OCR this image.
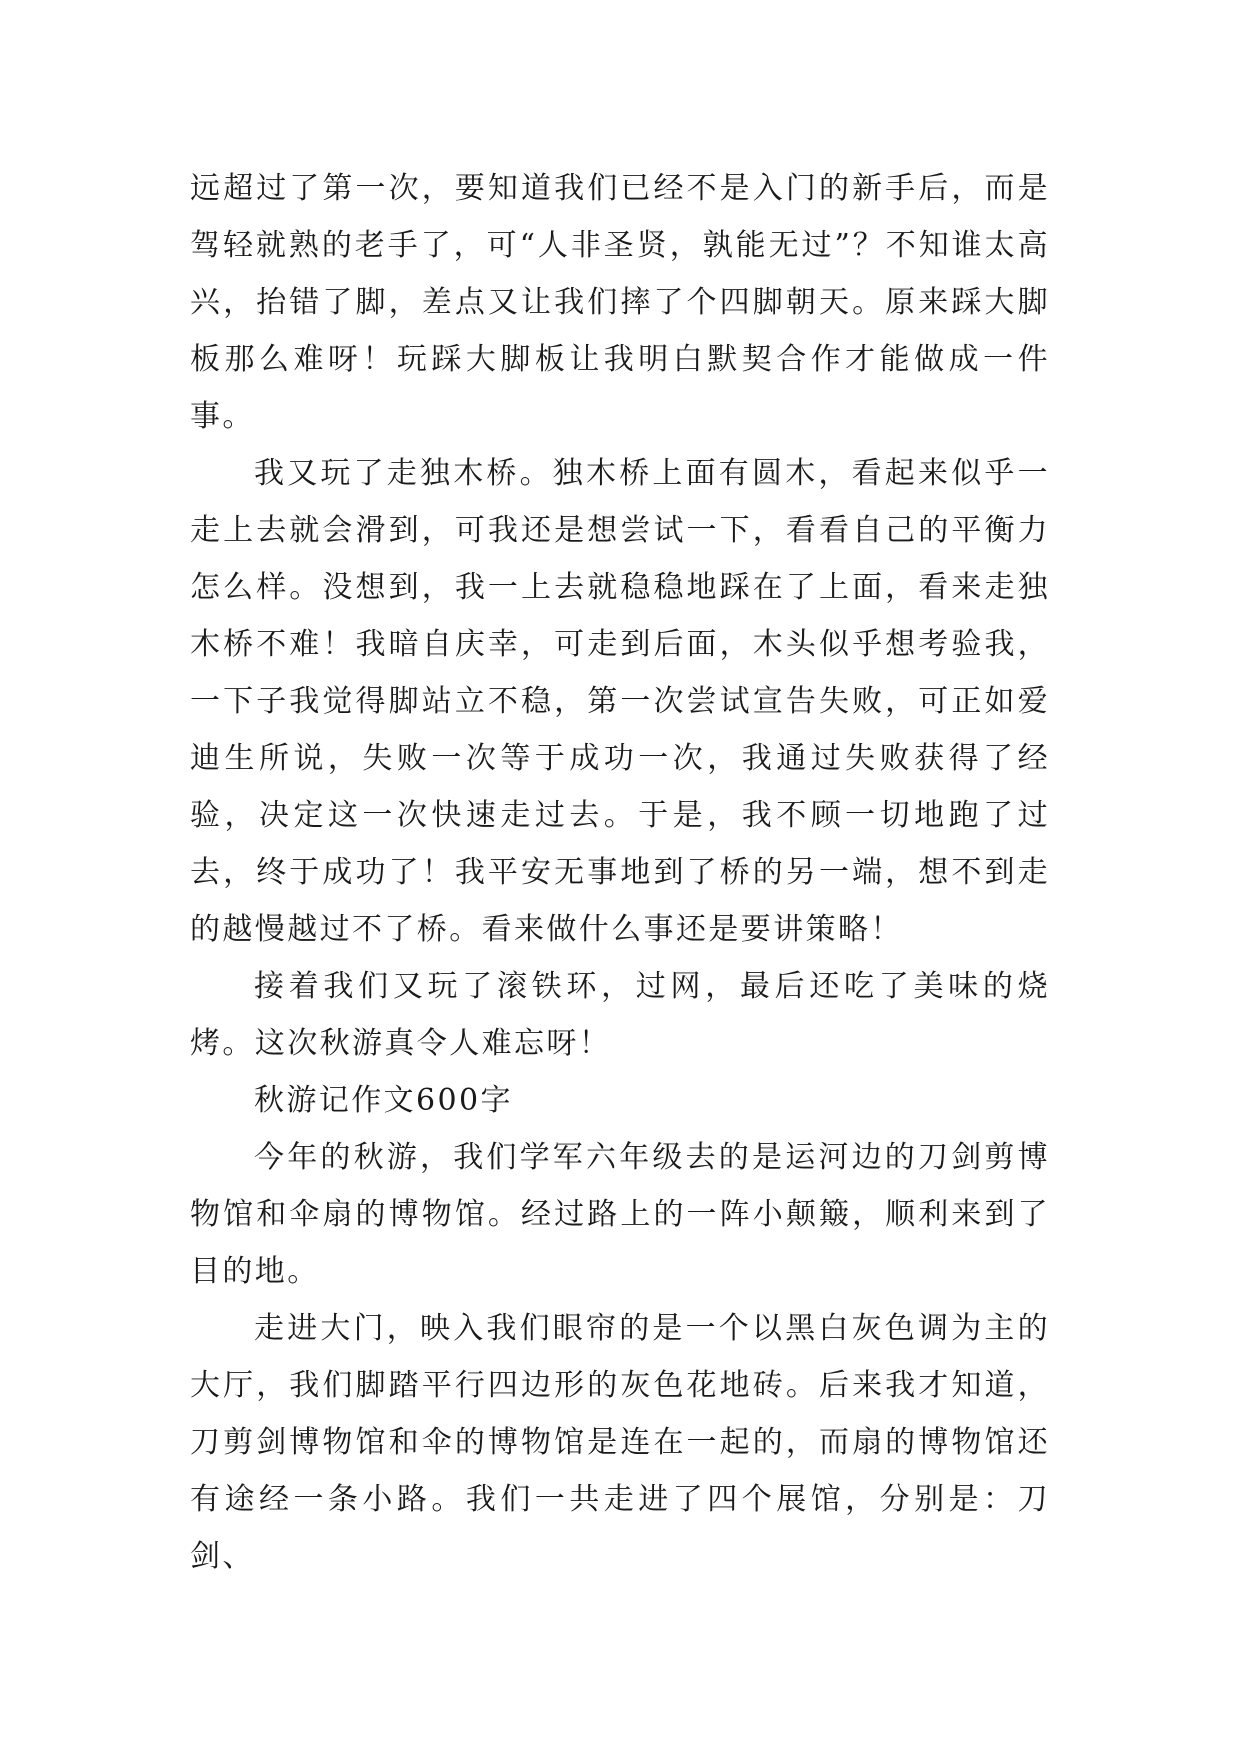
远超过了第一次，要知道我们已经不是入门的新手后，而是驾轻就熟的老手了，可“人非圣贤，孰能无过”？不知谁太高兴，抬错了脚，差点又让我们摔了个四脚朝天。原来踩大脚板那么难呀！玩踩大脚板让我明白默契合作才能做成一件事。

我又玩了走独木桥。独木桥上面有圆木，看起来似乎一走上去就会滑到，可我还是想尝试一下，看看自己的平衡力怎么样。没想到，我一上去就稳稳地踩在了上面，看来走独木桥不难！我暗自庆幸，可走到后面，木头似乎想考验我，一下子我觉得脚站立不稳，第一次尝试宣告失败，可正如爱迪生所说，失败一次等于成功一次，我通过失败获得了经验，决定这一次快速走过去。于是，我不顾一切地跑了过去，终于成功了！我平安无事地到了桥的另一端，想不到走的越慢越过不了桥。看来做什么事还是要讲策略！

接着我们又玩了滚铁环，过网，最后还吃了美味的烧烤。这次秋游真令人难忘呀！

秋游记作文600字

今年的秋游，我们学军六年级去的是运河边的刀剑剪博物馆和伞扇的博物馆。经过路上的一阵小颠簸，顺利来到了目的地。

走进大门，映入我们眼帘的是一个以黑白灰色调为主的大厅，我们脚踏平行四边形的灰色花地砖。后来我才知道，刀剪剑博物馆和伞的博物馆是连在一起的，而扇的博物馆还有途经一条小路。我们一共走进了四个展馆，分别是：刀剑、
